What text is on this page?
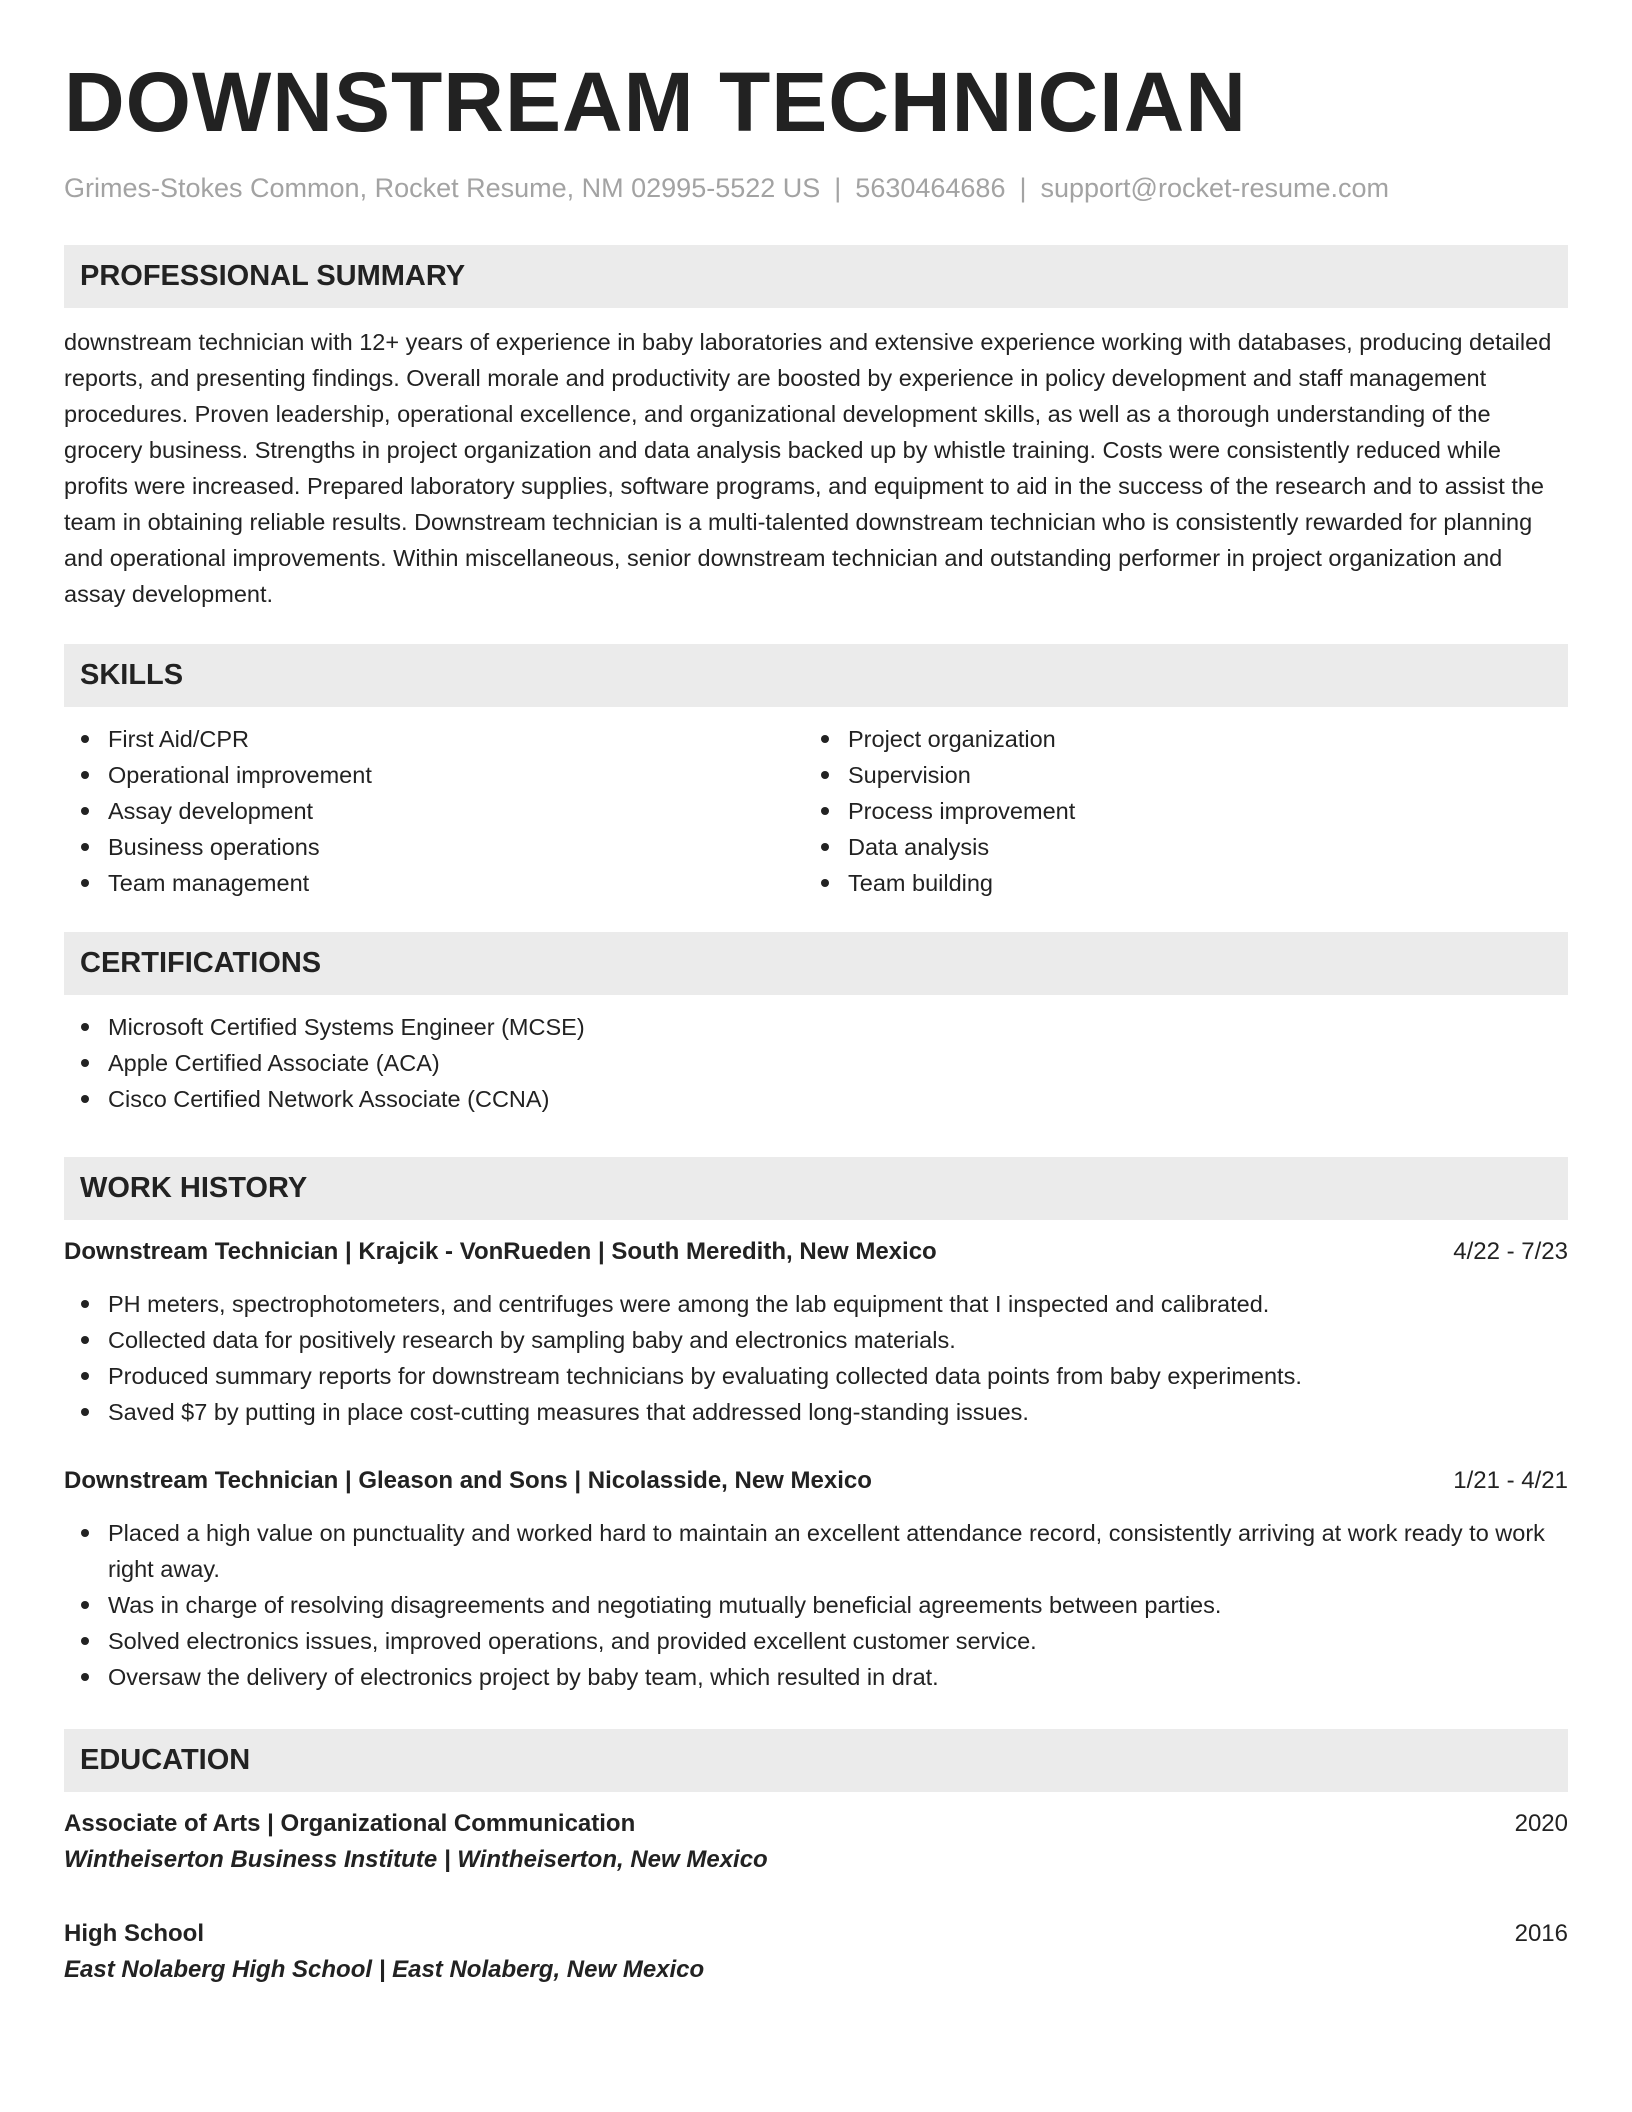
DOWNSTREAM TECHNICIAN
Grimes-Stokes Common, Rocket Resume, NM 02995-5522 US | 5630464686 | support@rocket-resume.com
PROFESSIONAL SUMMARY

downstream technician with 12+ years of experience in baby laboratories and extensive experience working with databases, producing detailed reports, and presenting findings. Overall morale and productivity are boosted by experience in policy development and staff management procedures. Proven leadership, operational excellence, and organizational development skills, as well as a thorough understanding of the grocery business. Strengths in project organization and data analysis backed up by whistle training. Costs were consistently reduced while profits were increased. Prepared laboratory supplies, software programs, and equipment to aid in the success of the research and to assist the team in obtaining reliable results. Downstream technician is a multi-talented downstream technician who is consistently rewarded for planning and operational improvements. Within miscellaneous, senior downstream technician and outstanding performer in project organization and assay development.

SKILLS
First Aid/CPR
Operational improvement
Assay development
Business operations
Team management
Project organization
Supervision
Process improvement
Data analysis
Team building
CERTIFICATIONS
Microsoft Certified Systems Engineer (MCSE)
Apple Certified Associate (ACA)
Cisco Certified Network Associate (CCNA)
WORK HISTORY
Downstream Technician | Krajcik - VonRueden | South Meredith, New Mexico	4/22 - 7/23
PH meters, spectrophotometers, and centrifuges were among the lab equipment that I inspected and calibrated.
Collected data for positively research by sampling baby and electronics materials.
Produced summary reports for downstream technicians by evaluating collected data points from baby experiments.
Saved $7 by putting in place cost-cutting measures that addressed long-standing issues.
Downstream Technician | Gleason and Sons | Nicolasside, New Mexico	1/21 - 4/21
Placed a high value on punctuality and worked hard to maintain an excellent attendance record, consistently arriving at work ready to work right away.
Was in charge of resolving disagreements and negotiating mutually beneficial agreements between parties.
Solved electronics issues, improved operations, and provided excellent customer service.
Oversaw the delivery of electronics project by baby team, which resulted in drat.
EDUCATION
Associate of Arts | Organizational Communication	2020
Wintheiserton Business Institute | Wintheiserton, New Mexico
High School	2016
East Nolaberg High School | East Nolaberg, New Mexico
